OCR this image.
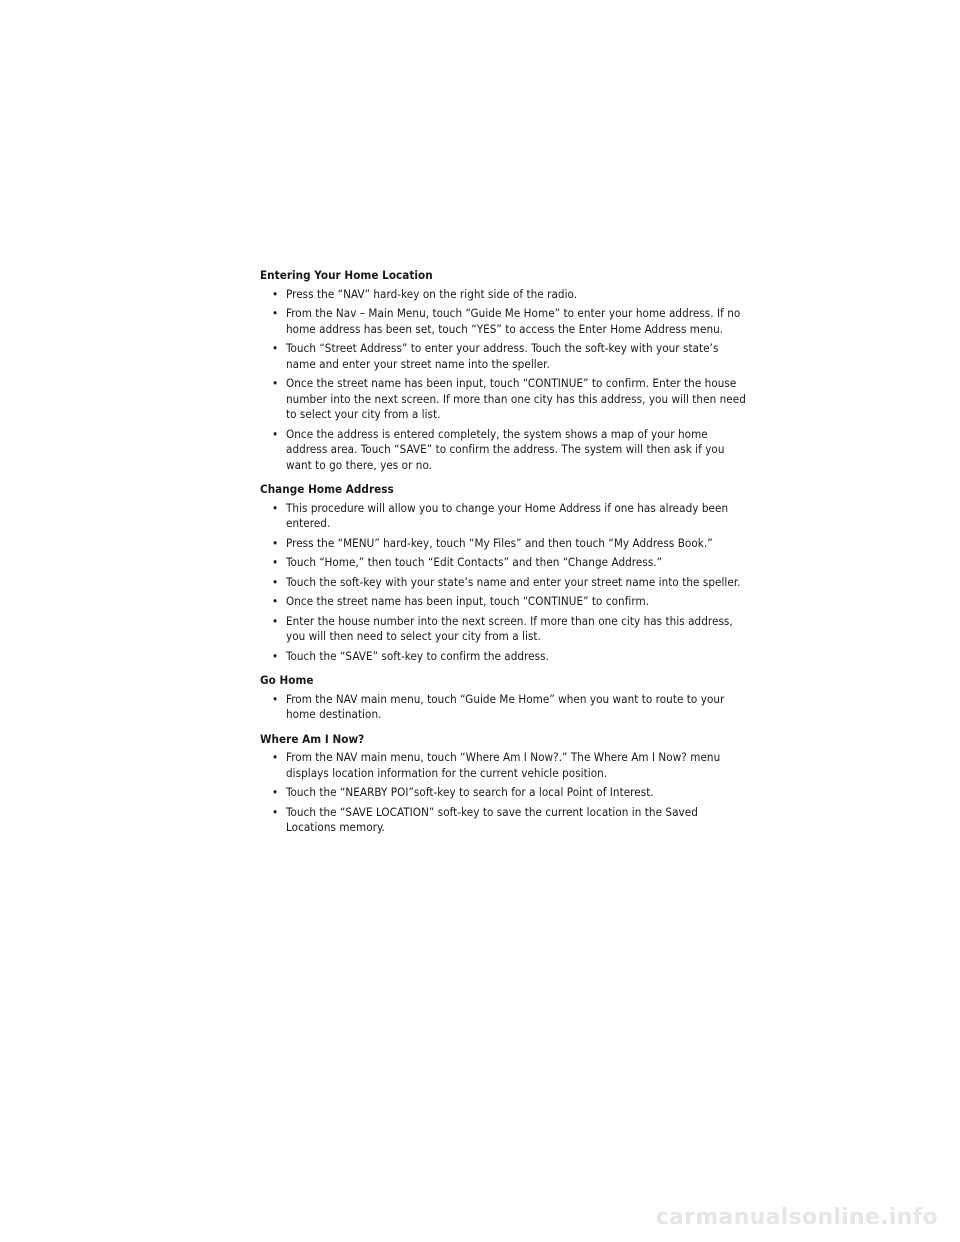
Entering Your Home Location
• Press the “NAV” hard-key on the right side of the radio.
• From the Nav – Main Menu, touch “Guide Me Home” to enter your home address. If no home address has been set, touch “YES” to access the Enter Home Address menu.
• Touch “Street Address” to enter your address. Touch the soft-key with your state’s name and enter your street name into the speller.
• Once the street name has been input, touch “CONTINUE” to confirm. Enter the house number into the next screen. If more than one city has this address, you will then need to select your city from a list.
• Once the address is entered completely, the system shows a map of your home address area. Touch “SAVE” to confirm the address. The system will then ask if you want to go there, yes or no.
Change Home Address
• This procedure will allow you to change your Home Address if one has already been entered.
• Press the “MENU” hard-key, touch “My Files” and then touch “My Address Book.”
• Touch “Home,” then touch “Edit Contacts” and then “Change Address.”
• Touch the soft-key with your state’s name and enter your street name into the speller.
• Once the street name has been input, touch “CONTINUE” to confirm.
• Enter the house number into the next screen. If more than one city has this address, you will then need to select your city from a list.
• Touch the “SAVE” soft-key to confirm the address.
Go Home
• From the NAV main menu, touch “Guide Me Home” when you want to route to your home destination.
Where Am I Now?
• From the NAV main menu, touch “Where Am I Now?.” The Where Am I Now? menu displays location information for the current vehicle position.
• Touch the “NEARBY POI”soft-key to search for a local Point of Interest.
• Touch the “SAVE LOCATION” soft-key to save the current location in the Saved Locations memory.
carmanualsonline.info
